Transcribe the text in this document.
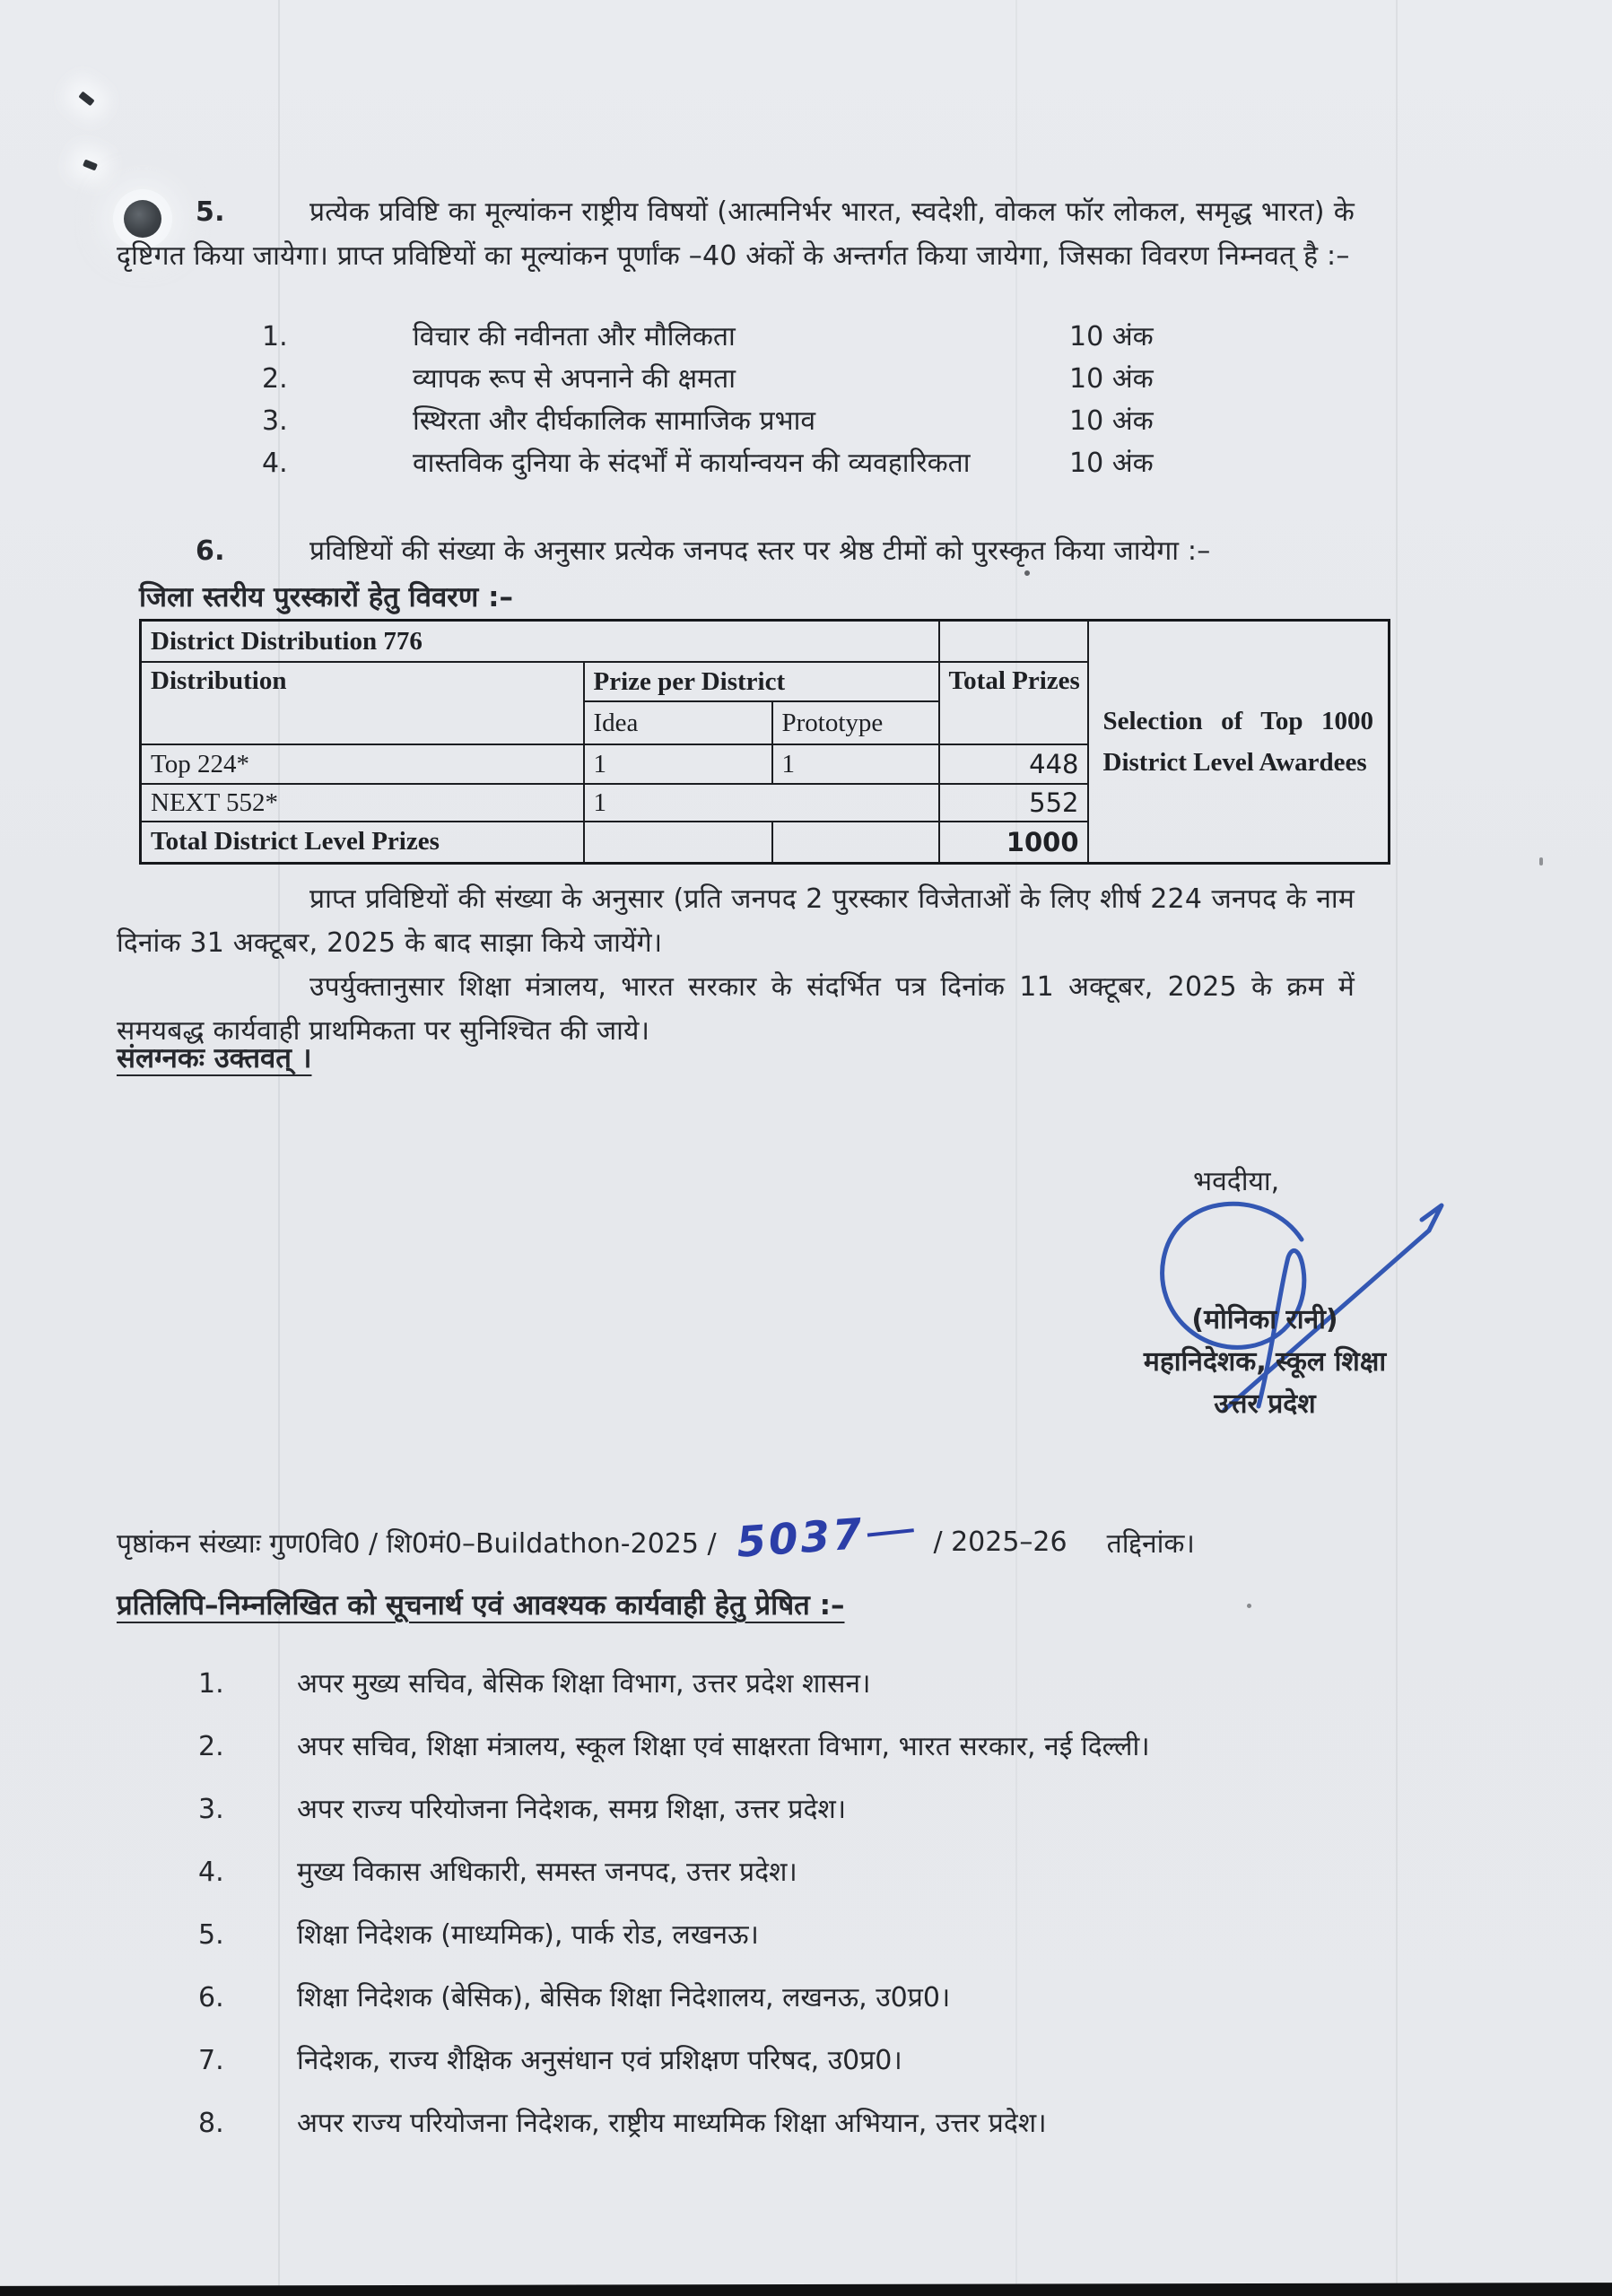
5.	प्रत्येक प्रविष्टि का मूल्यांकन राष्ट्रीय विषयों (आत्मनिर्भर भारत, स्वदेशी, वोकल फॉर लोकल, समृद्ध भारत) के दृष्टिगत किया जायेगा। प्राप्त प्रविष्टियों का मूल्यांकन पूर्णांक –40 अंकों के अन्तर्गत किया जायेगा, जिसका विवरण निम्नवत् है :–
1.	विचार की नवीनता और मौलिकता	10 अंक
2.	व्यापक रूप से अपनाने की क्षमता	10 अंक
3.	स्थिरता और दीर्घकालिक सामाजिक प्रभाव	10 अंक
4.	वास्तविक दुनिया के संदर्भों में कार्यान्वयन की व्यवहारिकता	10 अंक
6.	प्रविष्टियों की संख्या के अनुसार प्रत्येक जनपद स्तर पर श्रेष्ठ टीमों को पुरस्कृत किया जायेगा :–
जिला स्तरीय पुरस्कारों हेतु विवरण :–
District Distribution 776				Selection of Top 1000 District Level Awardees
Distribution	Prize per District		Total Prizes	
	Idea	Prototype		
Top 224*	1	1	448	
NEXT 552*	1		552	
Total District Level Prizes			1000	
प्राप्त प्रविष्टियों की संख्या के अनुसार (प्रति जनपद 2 पुरस्कार विजेताओं के लिए शीर्ष 224 जनपद के नाम दिनांक 31 अक्टूबर, 2025 के बाद साझा किये जायेंगे।
उपर्युक्तानुसार शिक्षा मंत्रालय, भारत सरकार के संदर्भित पत्र दिनांक 11 अक्टूबर, 2025 के क्रम में समयबद्ध कार्यवाही प्राथमिकता पर सुनिश्चित की जाये।
संलग्नकः उक्तवत् ।
भवदीया,
(मोनिका रानी)
महानिदेशक, स्कूल शिक्षा
उत्तर प्रदेश
पृष्ठांकन संख्याः गुण0वि0 / शि0मं0–Buildathon-2025 / 5037	/ 2025–26 तद्दिनांक।
प्रतिलिपि–निम्नलिखित को सूचनार्थ एवं आवश्यक कार्यवाही हेतु प्रेषित :–
1.	अपर मुख्य सचिव, बेसिक शिक्षा विभाग, उत्तर प्रदेश शासन।
2.	अपर सचिव, शिक्षा मंत्रालय, स्कूल शिक्षा एवं साक्षरता विभाग, भारत सरकार, नई दिल्ली।
3.	अपर राज्य परियोजना निदेशक, समग्र शिक्षा, उत्तर प्रदेश।
4.	मुख्य विकास अधिकारी, समस्त जनपद, उत्तर प्रदेश।
5.	शिक्षा निदेशक (माध्यमिक), पार्क रोड, लखनऊ।
6.	शिक्षा निदेशक (बेसिक), बेसिक शिक्षा निदेशालय, लखनऊ, उ0प्र0।
7.	निदेशक, राज्य शैक्षिक अनुसंधान एवं प्रशिक्षण परिषद, उ0प्र0।
8.	अपर राज्य परियोजना निदेशक, राष्ट्रीय माध्यमिक शिक्षा अभियान, उत्तर प्रदेश।
